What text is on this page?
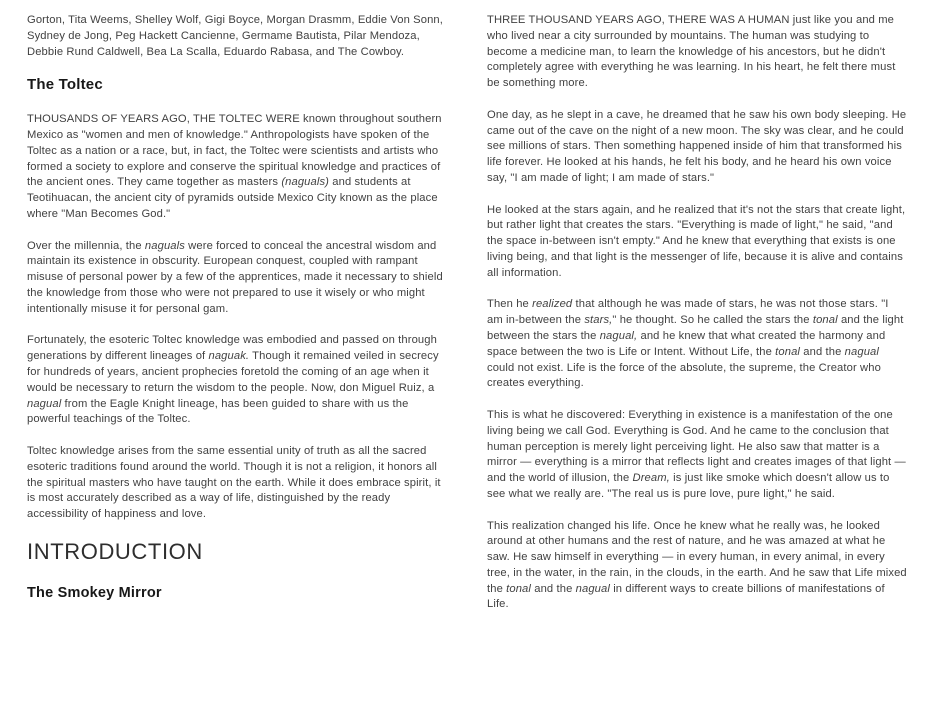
Gorton, Tita Weems, Shelley Wolf, Gigi Boyce, Morgan Drasmm, Eddie Von Sonn, Sydney de Jong, Peg Hackett Cancienne, Germame Bautista, Pilar Mendoza, Debbie Rund Caldwell, Bea La Scalla, Eduardo Rabasa, and The Cowboy.

The Toltec

THOUSANDS OF YEARS AGO, THE TOLTEC WERE known throughout southern Mexico as "women and men of knowledge." Anthropologists have spoken of the Toltec as a nation or a race, but, in fact, the Toltec were scientists and artists who formed a society to explore and conserve the spiritual knowledge and practices of the ancient ones. They came together as masters (naguals) and students at Teotihuacan, the ancient city of pyramids outside Mexico City known as the place where "Man Becomes God."

Over the millennia, the naguals were forced to conceal the ancestral wisdom and maintain its existence in obscurity. European conquest, coupled with rampant misuse of personal power by a few of the apprentices, made it necessary to shield the knowledge from those who were not prepared to use it wisely or who might intentionally misuse it for personal gam.

Fortunately, the esoteric Toltec knowledge was embodied and passed on through generations by different lineages of naguak. Though it remained veiled in secrecy for hundreds of years, ancient prophecies foretold the coming of an age when it would be necessary to return the wisdom to the people. Now, don Miguel Ruiz, a nagual from the Eagle Knight lineage, has been guided to share with us the powerful teachings of the Toltec.

Toltec knowledge arises from the same essential unity of truth as all the sacred esoteric traditions found around the world. Though it is not a religion, it honors all the spiritual masters who have taught on the earth. While it does embrace spirit, it is most accurately described as a way of life, distinguished by the ready accessibility of happiness and love.

INTRODUCTION
The Smokey Mirror

THREE THOUSAND YEARS AGO, THERE WAS A HUMAN just like you and me who lived near a city surrounded by mountains. The human was studying to become a medicine man, to learn the knowledge of his ancestors, but he didn't completely agree with everything he was learning. In his heart, he felt there must be something more.

One day, as he slept in a cave, he dreamed that he saw his own body sleeping. He came out of the cave on the night of a new moon. The sky was clear, and he could see millions of stars. Then something happened inside of him that transformed his life forever. He looked at his hands, he felt his body, and he heard his own voice say, "I am made of light; I am made of stars."

He looked at the stars again, and he realized that it's not the stars that create light, but rather light that creates the stars. "Everything is made of light," he said, "and the space in-between isn't empty." And he knew that everything that exists is one living being, and that light is the messenger of life, because it is alive and contains all information.

Then he realized that although he was made of stars, he was not those stars. "I am in-between the stars," he thought. So he called the stars the tonal and the light between the stars the nagual, and he knew that what created the harmony and space between the two is Life or Intent. Without Life, the tonal and the nagual could not exist. Life is the force of the absolute, the supreme, the Creator who creates everything.

This is what he discovered: Everything in existence is a manifestation of the one living being we call God. Everything is God. And he came to the conclusion that human perception is merely light perceiving light. He also saw that matter is a mirror — everything is a mirror that reflects light and creates images of that light — and the world of illusion, the Dream, is just like smoke which doesn't allow us to see what we really are. "The real us is pure love, pure light," he said.

This realization changed his life. Once he knew what he really was, he looked around at other humans and the rest of nature, and he was amazed at what he saw. He saw himself in everything — in every human, in every animal, in every tree, in the water, in the rain, in the clouds, in the earth. And he saw that Life mixed the tonal and the nagual in different ways to create billions of manifestations of Life.
